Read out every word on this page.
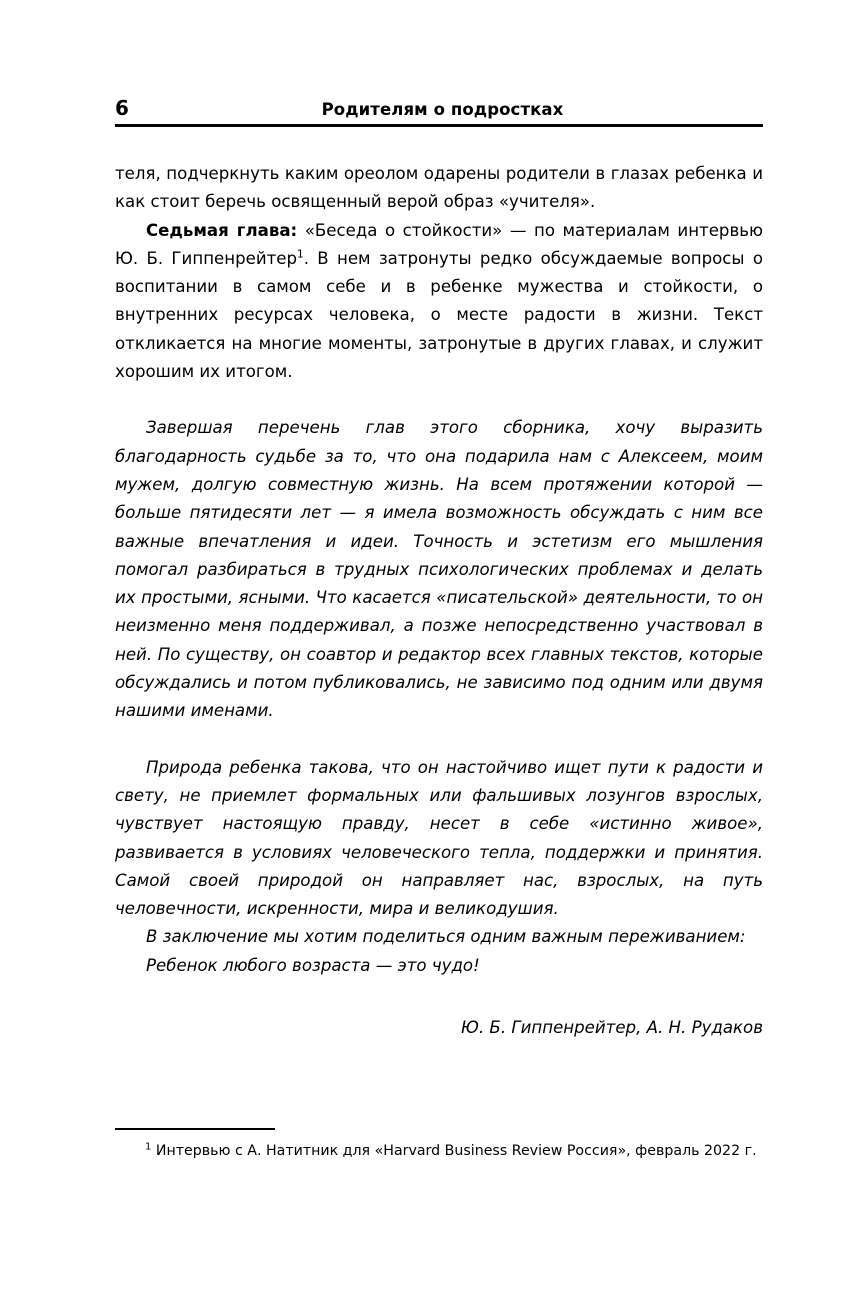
6	Родителям о подростках

теля, подчеркнуть каким ореолом одарены родители в глазах ребенка и как стоит беречь освященный верой образ «учителя».

Седьмая глава: «Беседа о стойкости» — по материалам интервью Ю. Б. Гиппенрейтер$^1$. В нем затронуты редко обсуждаемые вопросы о воспитании в самом себе и в ребенке мужества и стойкости, о внутренних ресурсах человека, о месте радости в жизни. Текст откликается на многие моменты, затронутые в других главах, и служит хорошим их итогом.

Завершая перечень глав этого сборника, хочу выразить благодарность судьбе за то, что она подарила нам с Алексеем, моим мужем, долгую совместную жизнь. На всем протяжении которой — больше пятидесяти лет — я имела возможность обсуждать с ним все важные впечатления и идеи. Точность и эстетизм его мышления помогал разбираться в трудных психологических проблемах и делать их простыми, ясными. Что касается «писательской» деятельности, то он неизменно меня поддерживал, а позже непосредственно участвовал в ней. По существу, он соавтор и редактор всех главных текстов, которые обсуждались и потом публиковались, не зависимо под одним или двумя нашими именами.

Природа ребенка такова, что он настойчиво ищет пути к радости и свету, не приемлет формальных или фальшивых лозунгов взрослых, чувствует настоящую правду, несет в себе «истинно живое», развивается в условиях человеческого тепла, поддержки и принятия. Самой своей природой он направляет нас, взрослых, на путь человечности, искренности, мира и великодушия.

В заключение мы хотим поделиться одним важным переживанием:

Ребенок любого возраста — это чудо!

Ю. Б. Гиппенрейтер, А. Н. Рудаков

$^1$ Интервью с А. Натитник для «Harvard Business Review Россия», февраль 2022 г.
